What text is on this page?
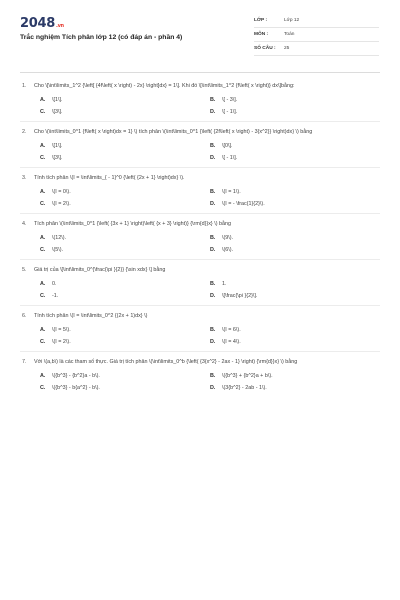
2048.vn
Trắc nghiệm Tích phân lớp 12 (có đáp án - phần 4)
LỚP :	Lớp 12
MÔN :	Toán
SỐ CÂU : 25
1. Cho \[\int\limits_1^2 {\left[ {4f\left( x \right) - 2x} \right]dx} = 1\]. Khi đó \[\int\limits_1^2 {f\left( x \right)} dx\]bằng:
A. \[1\].	B. \[ - 3\].
C. \[3\].	D. \[ - 1\].
2. Cho \(\int\limits_0^1 {f\left( x \right)dx = 1} \) tích phân \(\int\limits_0^1 {\left( {2f\left( x \right) - 3{x^2}} \right)dx} \) bằng
A. \[1\].	B. \[0\].
C. \[3\].	D. \[ - 1\].
3. Tính tích phân \(I = \int\limits_{ - 1}^0 {\left( {2x + 1} \right)dx} \).
A. \(I = 0\).	B. \(I = 1\).
C. \(I = 2\).	D. \(I = - \frac{1}{2}\).
4. Tích phân \(\int\limits_0^1 {\left( {3x + 1} \right)\left( {x + 3} \right)} {\rm{d}}x} \) bằng
A. \(12\).	B. \(9\).
C. \(5\).	D. \(6\).
5. Giá trị của \[\int\limits_0^{\frac{\pi }{2}} {\sin xdx} \] bằng
A. 0.	B. 1.
C. -1.	D. \[\frac{\pi }{2}\].
6. Tính tích phân \(I = \int\limits_0^2 {(2x + 1)dx} \)
A. \(I = 5\).	B. \(I = 6\).
C. \(I = 2\).	D. \(I = 4\).
7. Với \(a,b\) là các tham số thực. Giá trị tích phân \(\int\limits_0^b {\left( {3{x^2} - 2ax - 1} \right) {\rm{d}}x} \) bằng
A. \({b^3} - {b^2}a - b\).	B. \({b^3} + {b^2}a + b\).
C. \({b^3} - b{a^2} - b\).	D. \(3{b^2} - 2ab - 1\).
